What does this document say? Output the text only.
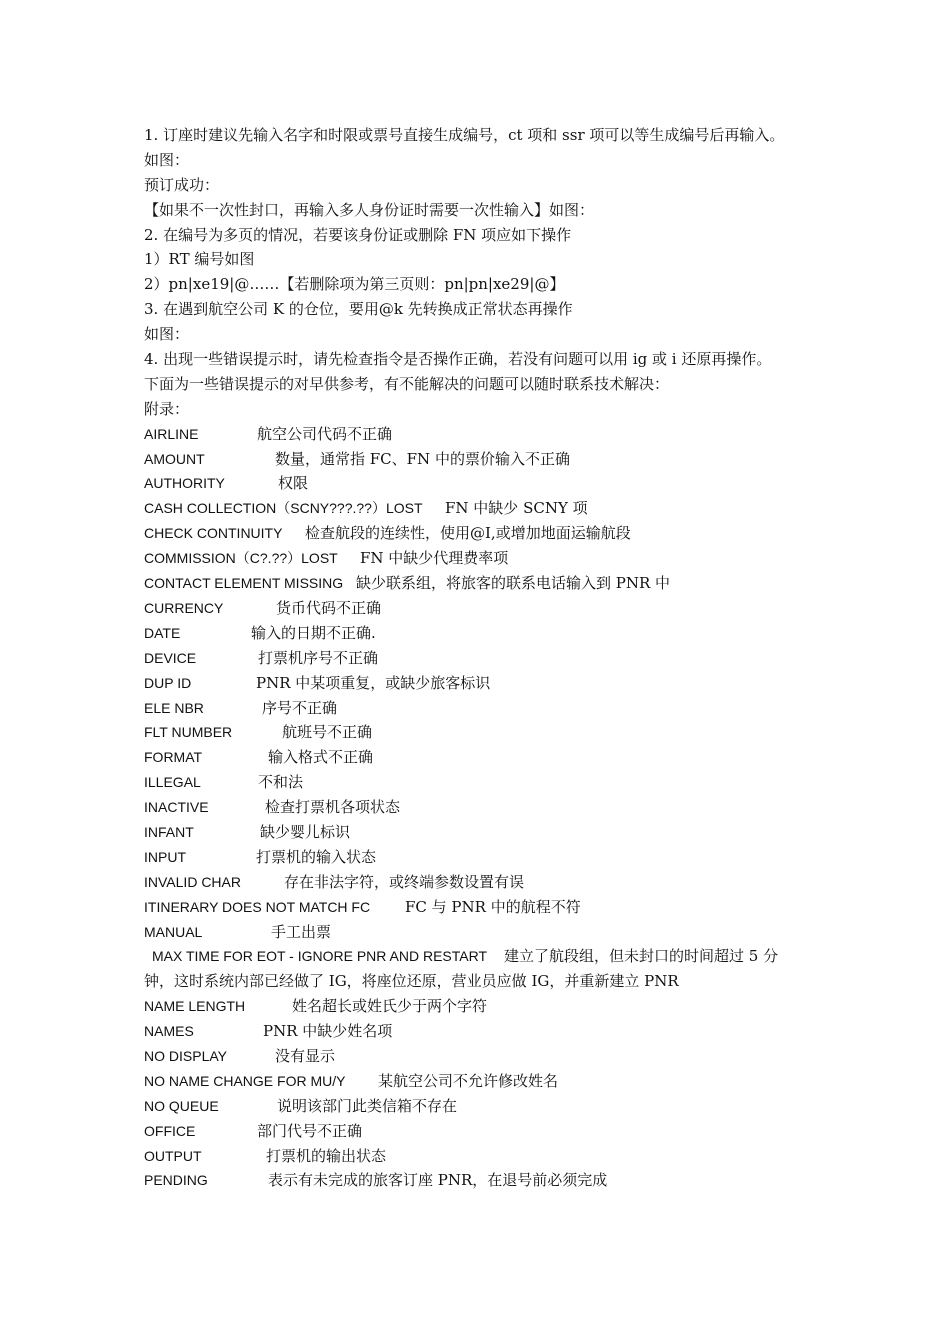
1. 订座时建议先输入名字和时限或票号直接生成编号，ct 项和 ssr 项可以等生成编号后再输入。
如图：
预订成功：
【如果不一次性封口，再输入多人身份证时需要一次性输入】如图：
2. 在编号为多页的情况，若要该身份证或删除 FN 项应如下操作
1）RT 编号如图
2）pn|xe19|@……【若删除项为第三页则：pn|pn|xe29|@】
3. 在遇到航空公司 K 的仓位，要用@k 先转换成正常状态再操作
如图：
4. 出现一些错误提示时，请先检查指令是否操作正确，若没有问题可以用 ig 或 i 还原再操作。
下面为一些错误提示的对早供参考，有不能解决的问题可以随时联系技术解决：
附录：
AIRLINE	航空公司代码不正确
AMOUNT	数量，通常指 FC、FN 中的票价输入不正确
AUTHORITY	权限
CASH COLLECTION（SCNY???.??）LOST FN 中缺少 SCNY 项
CHECK CONTINUITY 检查航段的连续性，使用@I,或增加地面运输航段
COMMISSION（C?.??）LOST FN 中缺少代理费率项
CONTACT ELEMENT MISSING 缺少联系组，将旅客的联系电话输入到 PNR 中
CURRENCY	货币代码不正确
DATE	输入的日期不正确.
DEVICE	打票机序号不正确
DUP ID	PNR 中某项重复，或缺少旅客标识
ELE NBR	序号不正确
FLT NUMBER	航班号不正确
FORMAT	输入格式不正确
ILLEGAL	不和法
INACTIVE	检查打票机各项状态
INFANT	缺少婴儿标识
INPUT	打票机的输入状态
INVALID CHAR	存在非法字符，或终端参数设置有误
ITINERARY DOES NOT MATCH FC FC 与 PNR 中的航程不符
MANUAL	手工出票
MAX TIME FOR EOT - IGNORE PNR AND RESTART 建立了航段组，但未封口的时间超过 5 分
钟，这时系统内部已经做了 IG，将座位还原，营业员应做 IG，并重新建立 PNR
NAME LENGTH	姓名超长或姓氏少于两个字符
NAMES	PNR 中缺少姓名项
NO DISPLAY	没有显示
NO NAME CHANGE FOR MU/Y 某航空公司不允许修改姓名
NO QUEUE	说明该部门此类信箱不存在
OFFICE	部门代号不正确
OUTPUT	打票机的输出状态
PENDING	表示有未完成的旅客订座 PNR，在退号前必须完成
